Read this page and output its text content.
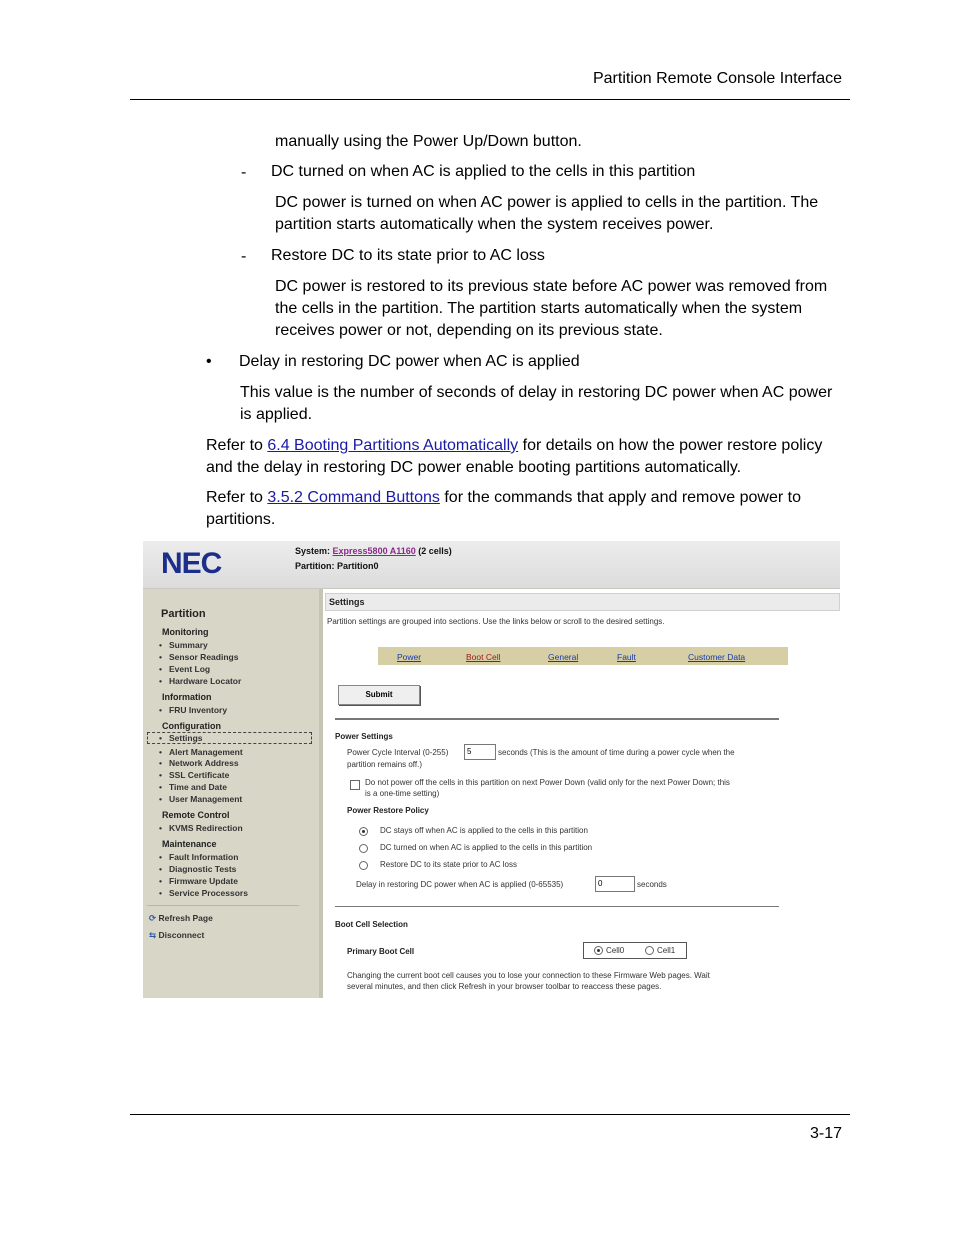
Partition Remote Console Interface
manually using the Power Up/Down button.
- DC turned on when AC is applied to the cells in this partition
DC power is turned on when AC power is applied to cells in the partition. The
partition starts automatically when the system receives power.
- Restore DC to its state prior to AC loss
DC power is restored to its previous state before AC power was removed from
the cells in the partition. The partition starts automatically when the system
receives power or not, depending on its previous state.
• Delay in restoring DC power when AC is applied
This value is the number of seconds of delay in restoring DC power when AC power
is applied.
Refer to 6.4 Booting Partitions Automatically for details on how the power restore policy
and the delay in restoring DC power enable booting partitions automatically.
Refer to 3.5.2 Command Buttons for the commands that apply and remove power to
partitions.
NEC	System: Express5800 A1160 (2 cells)
Partition: Partition0
Partition
Monitoring
• Summary
• Sensor Readings
• Event Log
• Hardware Locator
Information
• FRU Inventory
Configuration
• Settings
• Alert Management
• Network Address
• SSL Certificate
• Time and Date
• User Management
Remote Control
• KVMS Redirection
Maintenance
• Fault Information
• Diagnostic Tests
• Firmware Update
• Service Processors
⟳ Refresh Page
⇆ Disconnect
Settings
Partition settings are grouped into sections. Use the links below or scroll to the desired settings.
Power	Boot Cell	General	Fault	Customer Data
Submit
Power Settings
Power Cycle Interval (0-255)	5	seconds (This is the amount of time during a power cycle when the
partition remains off.)
Do not power off the cells in this partition on next Power Down (valid only for the next Power Down; this
is a one-time setting)
Power Restore Policy
DC stays off when AC is applied to the cells in this partition
DC turned on when AC is applied to the cells in this partition
Restore DC to its state prior to AC loss
Delay in restoring DC power when AC is applied (0-65535)	0	seconds
Boot Cell Selection
Primary Boot Cell	Cell0	Cell1
Changing the current boot cell causes you to lose your connection to these Firmware Web pages. Wait
several minutes, and then click Refresh in your browser toolbar to reaccess these pages.
3-17
